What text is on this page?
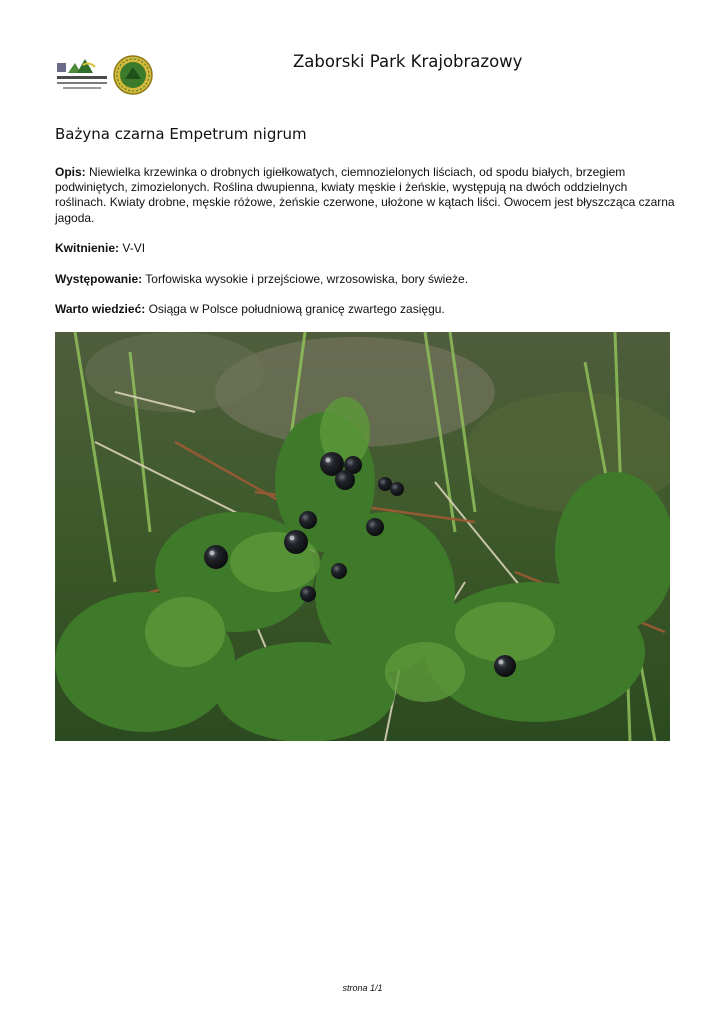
Zaborski Park Krajobrazowy
Bażyna czarna Empetrum nigrum
Opis: Niewielka krzewinka o drobnych igiełkowatych, ciemnozielonych liściach, od spodu białych, brzegiem podwiniętych, zimozielonych. Roślina dwupienna, kwiaty męskie i żeńskie, występują na dwóch oddzielnych roślinach. Kwiaty drobne, męskie różowe, żeńskie czerwone, ułożone w kątach liści. Owocem jest błyszcząca czarna jagoda.
Kwitnienie: V-VI
Występowanie: Torfowiska wysokie i przejściowe, wrzosowiska, bory świeże.
Warto wiedzieć: Osiąga w Polsce południową granicę zwartego zasięgu.
strona 1/1
